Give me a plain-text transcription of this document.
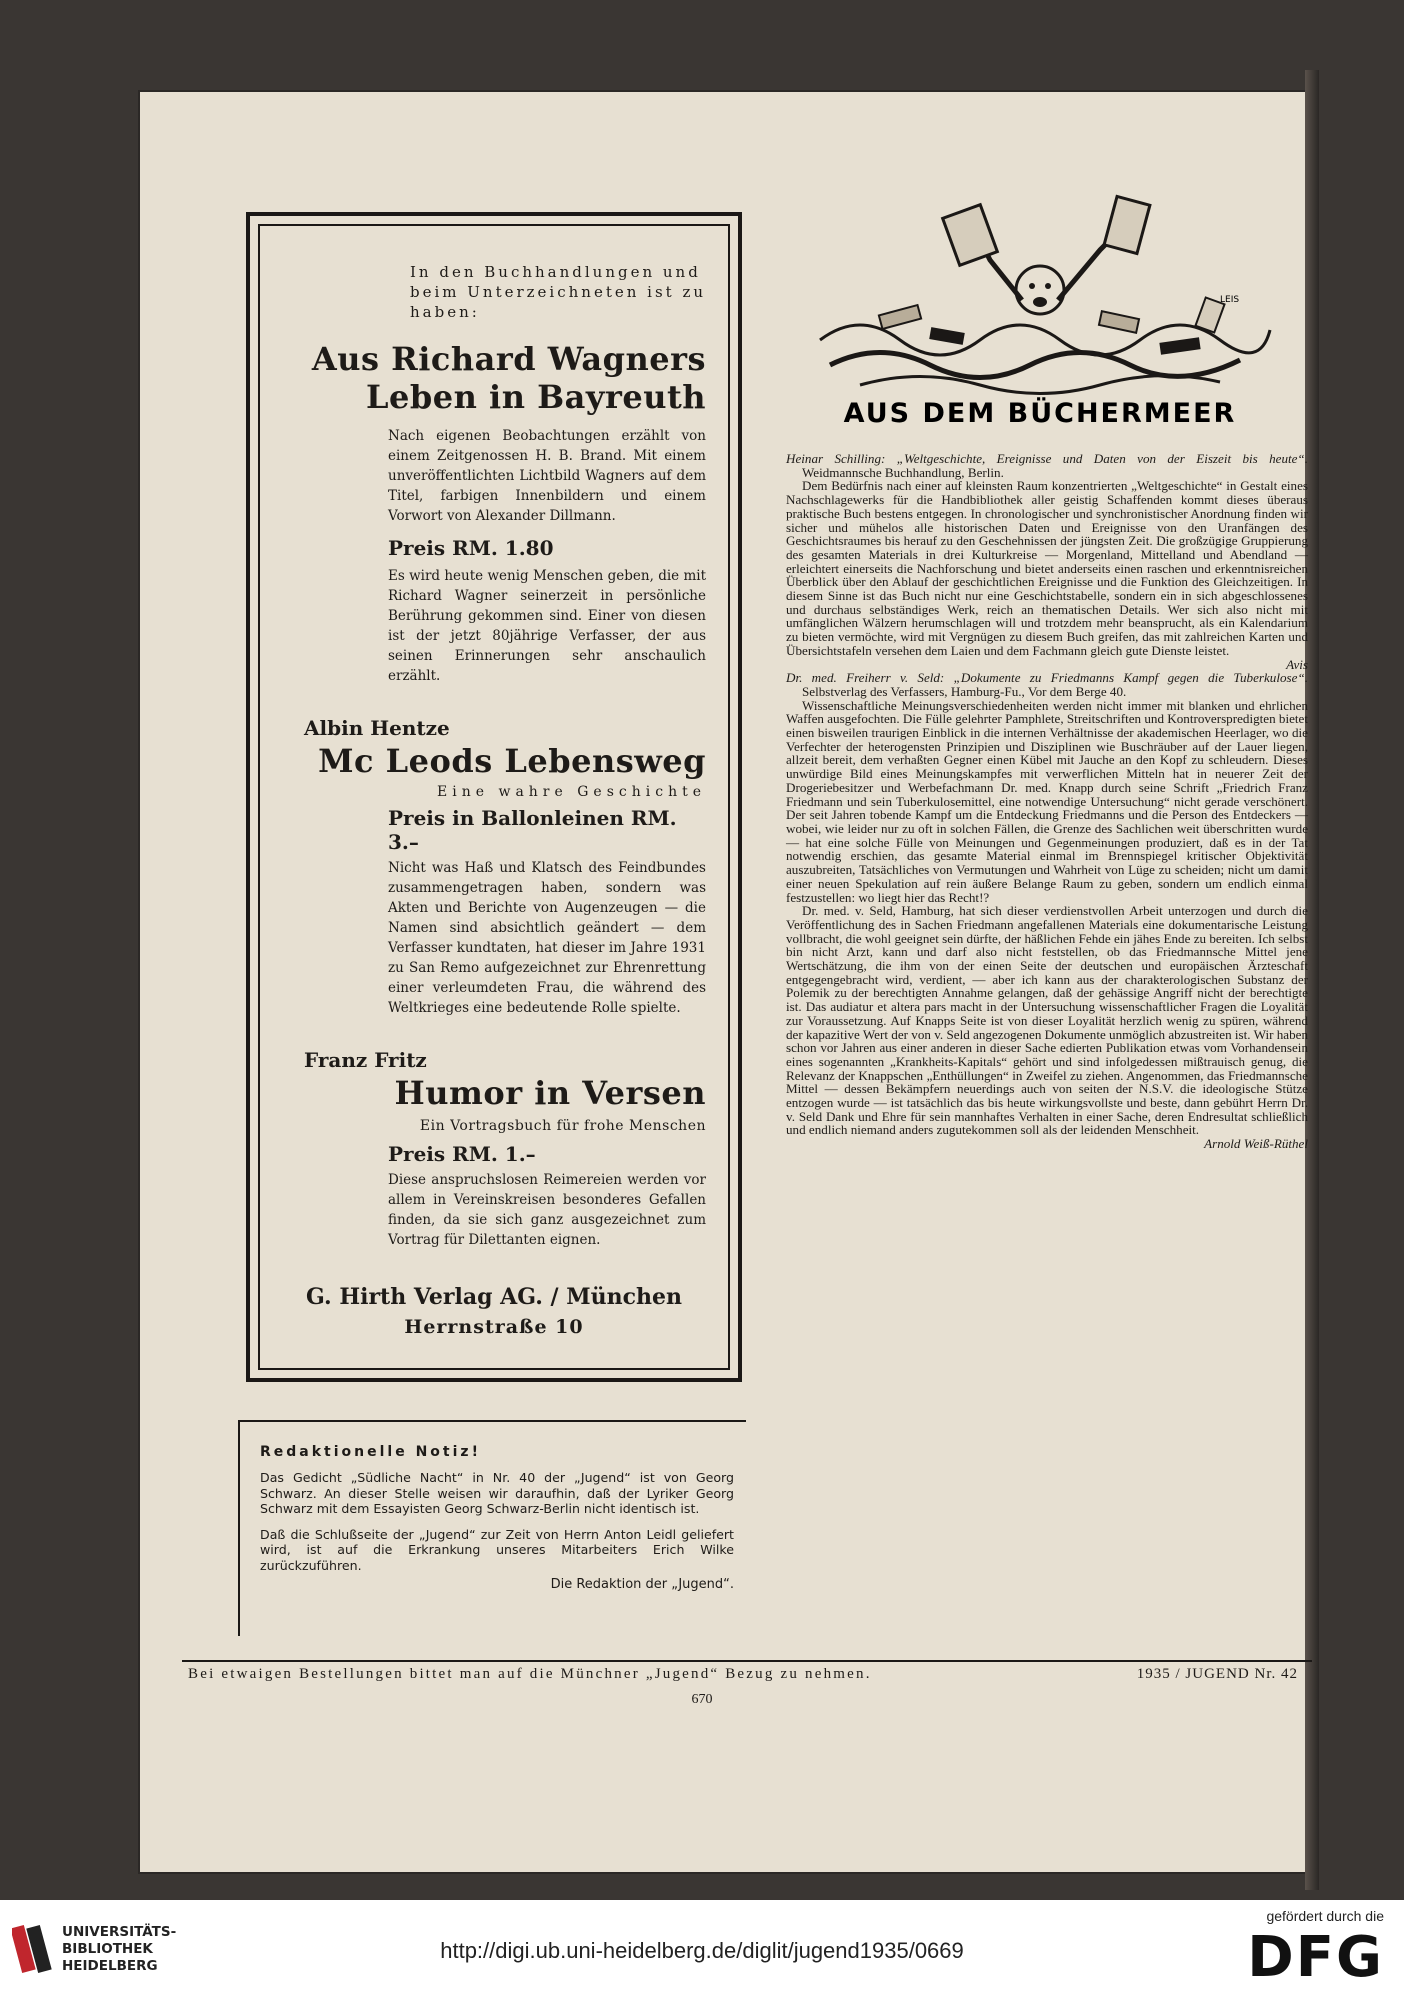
In den Buchhandlungen und beim Unterzeichneten ist zu haben:
Aus Richard Wagners
Leben in Bayreuth
Nach eigenen Beobachtungen erzählt von einem Zeitgenossen H. B. Brand. Mit einem unveröffentlichten Lichtbild Wagners auf dem Titel, farbigen Innenbildern und einem Vorwort von Alexander Dillmann.
Preis RM. 1.80
Es wird heute wenig Menschen geben, die mit Richard Wagner seinerzeit in persönliche Berührung gekommen sind. Einer von diesen ist der jetzt 80jährige Verfasser, der aus seinen Erinnerungen sehr anschaulich erzählt.
Albin Hentze
Mc Leods Lebensweg
Eine wahre Geschichte
Preis in Ballonleinen RM. 3.–
Nicht was Haß und Klatsch des Feindbundes zusammengetragen haben, sondern was Akten und Berichte von Augenzeugen — die Namen sind absichtlich geändert — dem Verfasser kundtaten, hat dieser im Jahre 1931 zu San Remo aufgezeichnet zur Ehrenrettung einer verleumdeten Frau, die während des Weltkrieges eine bedeutende Rolle spielte.
Franz Fritz
Humor in Versen
Ein Vortragsbuch für frohe Menschen
Preis RM. 1.–
Diese anspruchslosen Reimereien werden vor allem in Vereinskreisen besonderes Gefallen finden, da sie sich ganz ausgezeichnet zum Vortrag für Dilettanten eignen.
G. Hirth Verlag AG. / München
Herrnstraße 10
Redaktionelle Notiz!

Das Gedicht „Südliche Nacht“ in Nr. 40 der „Jugend“ ist von Georg Schwarz. An dieser Stelle weisen wir daraufhin, daß der Lyriker Georg Schwarz mit dem Essayisten Georg Schwarz-Berlin nicht identisch ist.

Daß die Schlußseite der „Jugend“ zur Zeit von Herrn Anton Leidl geliefert wird, ist auf die Erkrankung unseres Mitarbeiters Erich Wilke zurückzuführen.

Die Redaktion der „Jugend“.

LEIS
AUS DEM BÜCHERMEER

Heinar Schilling: „Weltgeschichte, Ereignisse und Daten von der Eiszeit bis heute“. Weidmannsche Buchhandlung, Berlin.

Dem Bedürfnis nach einer auf kleinsten Raum konzentrierten „Weltgeschichte“ in Gestalt eines Nachschlagewerks für die Handbibliothek aller geistig Schaffenden kommt dieses überaus praktische Buch bestens entgegen. In chronologischer und synchronistischer Anordnung finden wir sicher und mühelos alle historischen Daten und Ereignisse von den Uranfängen des Geschichtsraumes bis herauf zu den Geschehnissen der jüngsten Zeit. Die großzügige Gruppierung des gesamten Materials in drei Kulturkreise — Morgenland, Mittelland und Abendland — erleichtert einerseits die Nachforschung und bietet anderseits einen raschen und erkenntnisreichen Überblick über den Ablauf der geschichtlichen Ereignisse und die Funktion des Gleichzeitigen. In diesem Sinne ist das Buch nicht nur eine Geschichtstabelle, sondern ein in sich abgeschlossenes und durchaus selbständiges Werk, reich an thematischen Details. Wer sich also nicht mit umfänglichen Wälzern herumschlagen will und trotzdem mehr beansprucht, als ein Kalendarium zu bieten vermöchte, wird mit Vergnügen zu diesem Buch greifen, das mit zahlreichen Karten und Übersichtstafeln versehen dem Laien und dem Fachmann gleich gute Dienste leistet.

Avis

Dr. med. Freiherr v. Seld: „Dokumente zu Friedmanns Kampf gegen die Tuberkulose“. Selbstverlag des Verfassers, Hamburg-Fu., Vor dem Berge 40.

Wissenschaftliche Meinungsverschiedenheiten werden nicht immer mit blanken und ehrlichen Waffen ausgefochten. Die Fülle gelehrter Pamphlete, Streitschriften und Kontroverspredigten bietet einen bisweilen traurigen Einblick in die internen Verhältnisse der akademischen Heerlager, wo die Verfechter der heterogensten Prinzipien und Disziplinen wie Buschräuber auf der Lauer liegen, allzeit bereit, dem verhaßten Gegner einen Kübel mit Jauche an den Kopf zu schleudern. Dieses unwürdige Bild eines Meinungskampfes mit verwerflichen Mitteln hat in neuerer Zeit der Drogeriebesitzer und Werbefachmann Dr. med. Knapp durch seine Schrift „Friedrich Franz Friedmann und sein Tuberkulosemittel, eine notwendige Untersuchung“ nicht gerade verschönert. Der seit Jahren tobende Kampf um die Entdeckung Friedmanns und die Person des Entdeckers — wobei, wie leider nur zu oft in solchen Fällen, die Grenze des Sachlichen weit überschritten wurde — hat eine solche Fülle von Meinungen und Gegenmeinungen produziert, daß es in der Tat notwendig erschien, das gesamte Material einmal im Brennspiegel kritischer Objektivität auszubreiten, Tatsächliches von Vermutungen und Wahrheit von Lüge zu scheiden; nicht um damit einer neuen Spekulation auf rein äußere Belange Raum zu geben, sondern um endlich einmal festzustellen: wo liegt hier das Recht!?

Dr. med. v. Seld, Hamburg, hat sich dieser verdienstvollen Arbeit unterzogen und durch die Veröffentlichung des in Sachen Friedmann angefallenen Materials eine dokumentarische Leistung vollbracht, die wohl geeignet sein dürfte, der häßlichen Fehde ein jähes Ende zu bereiten. Ich selbst bin nicht Arzt, kann und darf also nicht feststellen, ob das Friedmannsche Mittel jene Wertschätzung, die ihm von der einen Seite der deutschen und europäischen Ärzteschaft entgegengebracht wird, verdient, — aber ich kann aus der charakterologischen Substanz der Polemik zu der berechtigten Annahme gelangen, daß der gehässige Angriff nicht der berechtigte ist. Das audiatur et altera pars macht in der Untersuchung wissenschaftlicher Fragen die Loyalität zur Voraussetzung. Auf Knapps Seite ist von dieser Loyalität herzlich wenig zu spüren, während der kapazitive Wert der von v. Seld angezogenen Dokumente unmöglich abzustreiten ist. Wir haben schon vor Jahren aus einer anderen in dieser Sache edierten Publikation etwas vom Vorhandensein eines sogenannten „Krankheits-Kapitals“ gehört und sind infolgedessen mißtrauisch genug, die Relevanz der Knappschen „Enthüllungen“ in Zweifel zu ziehen. Angenommen, das Friedmannsche Mittel — dessen Bekämpfern neuerdings auch von seiten der N.S.V. die ideologische Stütze entzogen wurde — ist tatsächlich das bis heute wirkungsvollste und beste, dann gebührt Herrn Dr. v. Seld Dank und Ehre für sein mannhaftes Verhalten in einer Sache, deren Endresultat schließlich und endlich niemand anders zugutekommen soll als der leidenden Menschheit.

Arnold Weiß-Rüthel

Bei etwaigen Bestellungen bittet man auf die Münchner „Jugend“ Bezug zu nehmen.	1935 / JUGEND Nr. 42
670
UNIVERSITÄTS-
BIBLIOTHEK
HEIDELBERG
http://digi.ub.uni-heidelberg.de/diglit/jugend1935/0669
gefördert durch die
DFG
